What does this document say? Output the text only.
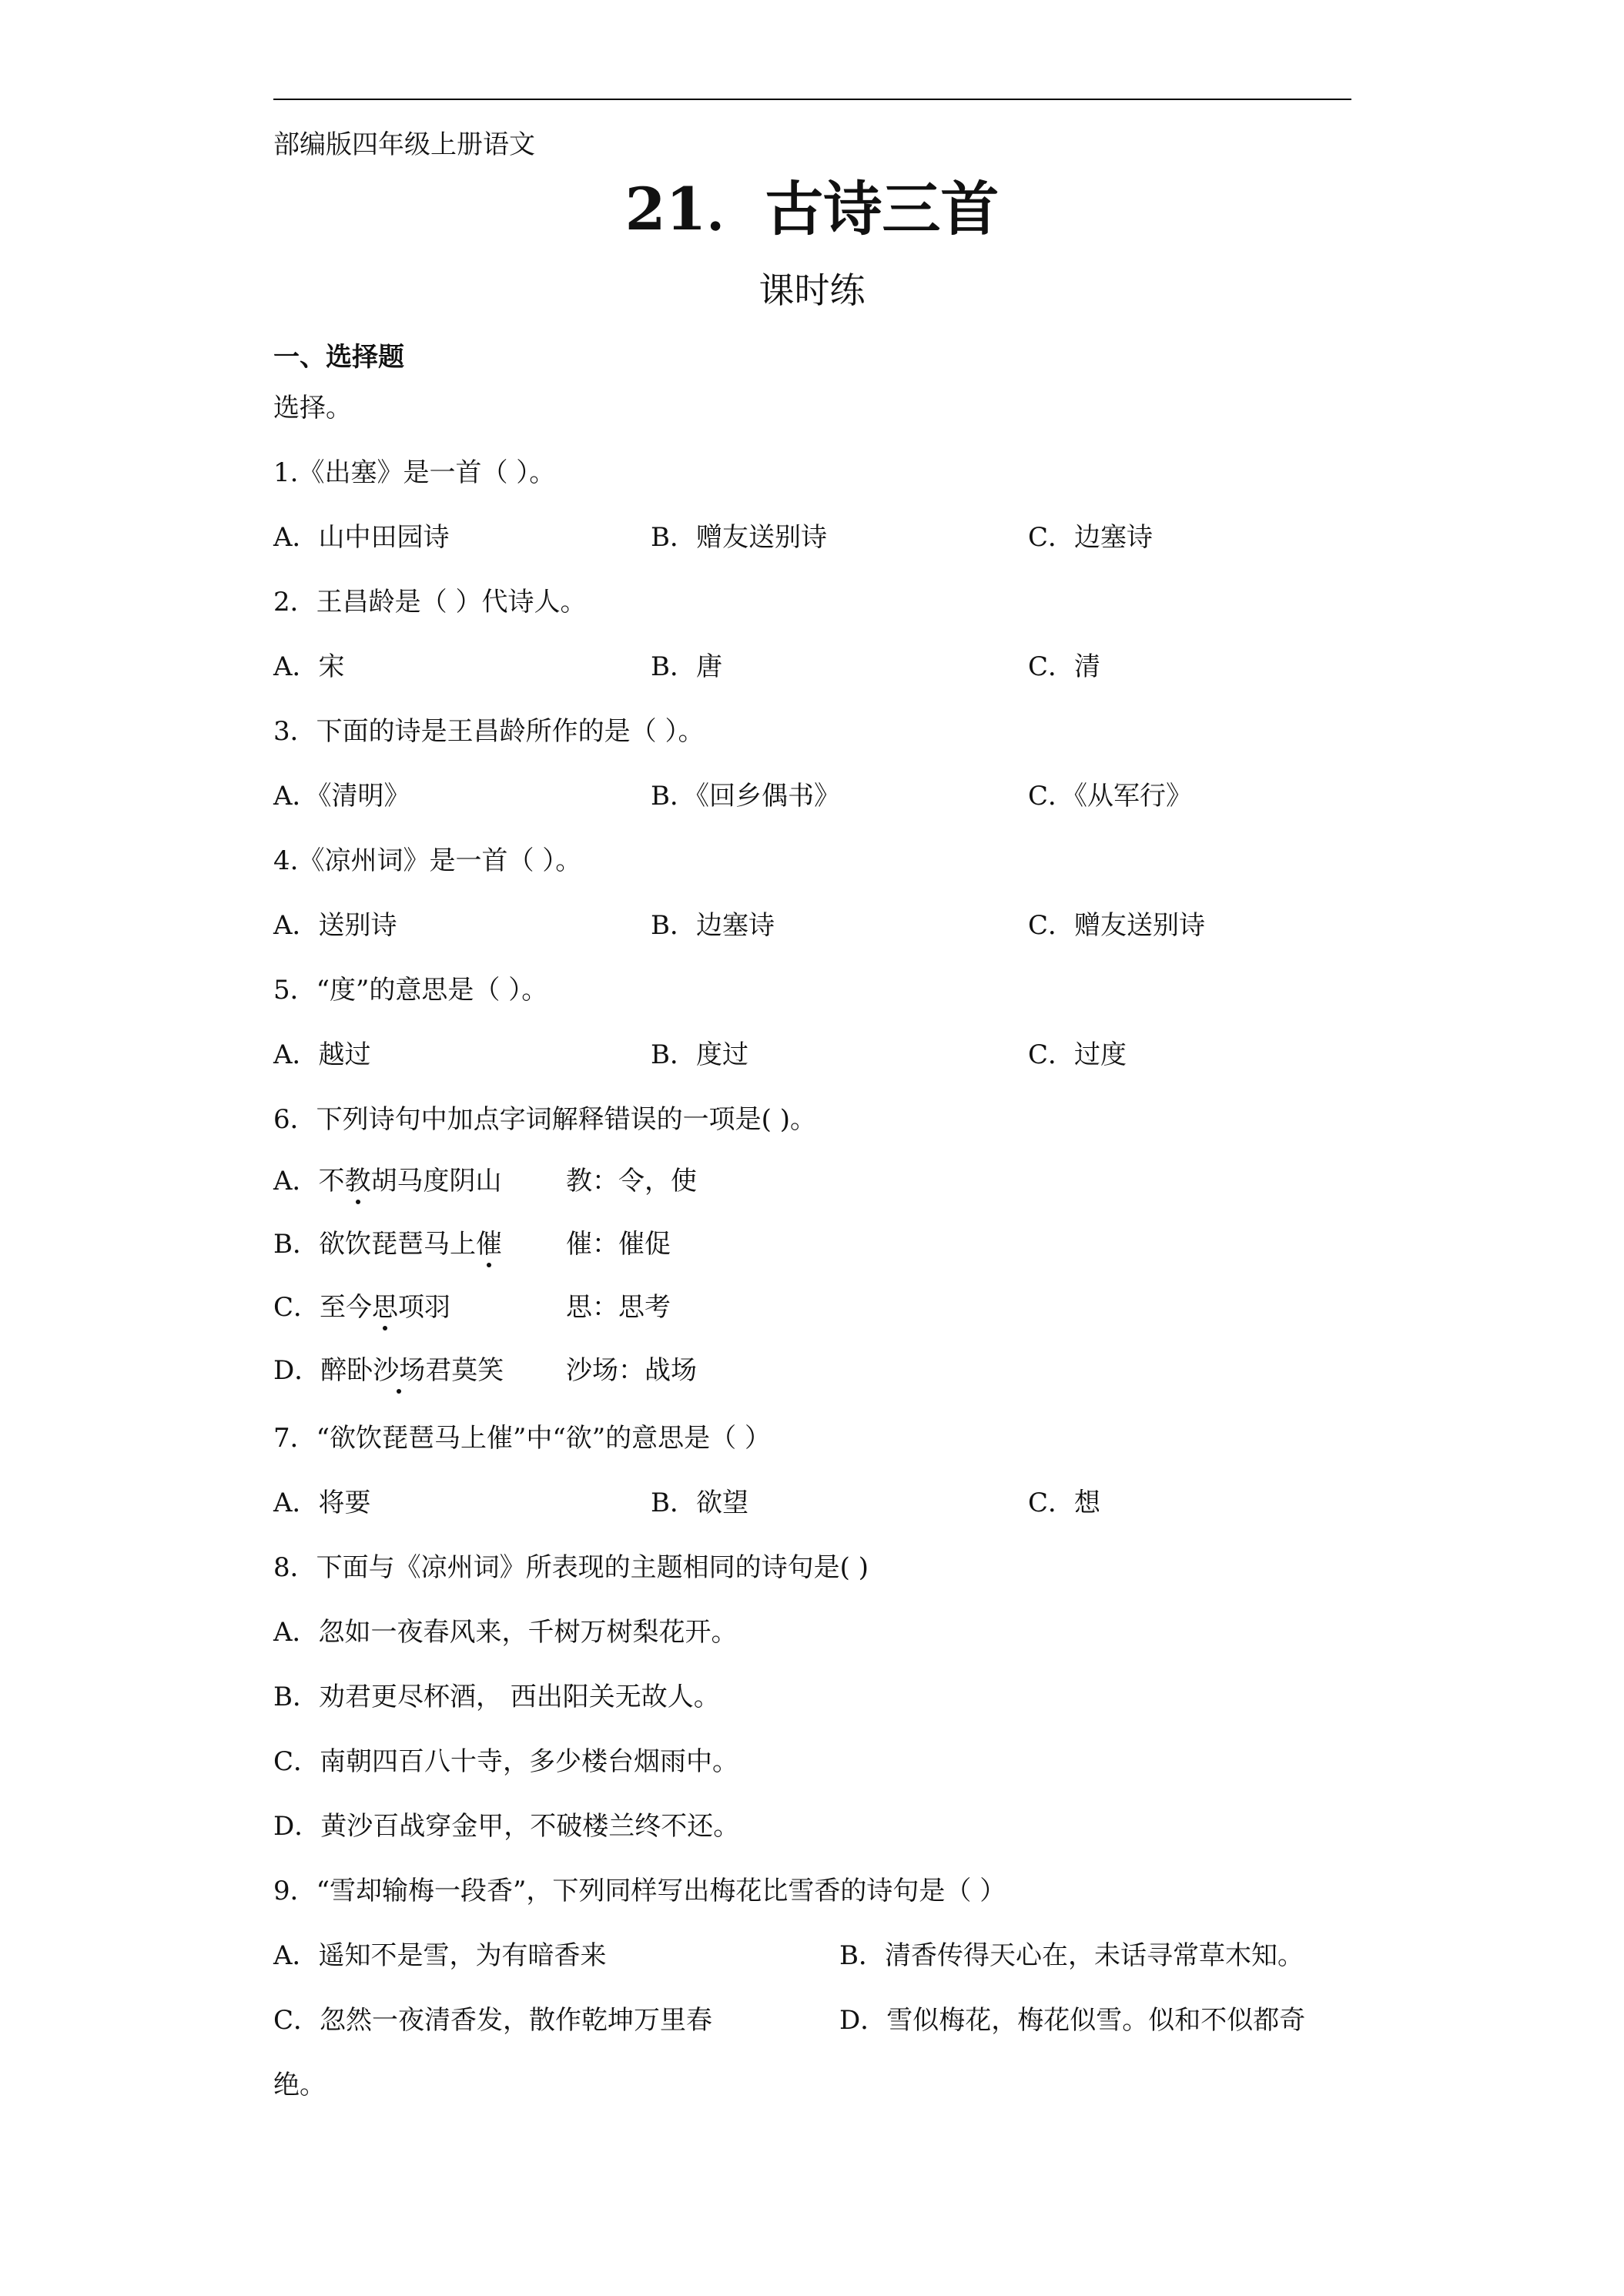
部编版四年级上册语文
21．古诗三首
课时练
一、选择题
选择。
1.《出塞》是一首（ ）。
A．山中田园诗	B．赠友送别诗	C．边塞诗
2．王昌龄是（ ）代诗人。
A．宋	B．唐	C．清
3．下面的诗是王昌龄所作的是（ ）。
A．《清明》	B．《回乡偶书》	C．《从军行》
4.《凉州词》是一首（ ）。
A．送别诗	B．边塞诗	C．赠友送别诗
5．“度”的意思是（ ）。
A．越过	B．度过	C．过度
6．下列诗句中加点字词解释错误的一项是( )。
A．不教胡马度阴山 教：令，使
B．欲饮琵琶马上催 催：催促
C．至今思项羽	思：思考
D．醉卧沙场君莫笑 沙场：战场
7．“欲饮琵琶马上催”中“欲”的意思是（ ）
A．将要	B．欲望	C．想
8．下面与《凉州词》所表现的主题相同的诗句是( )
A．忽如一夜春风来，千树万树梨花开。
B．劝君更尽杯酒， 西出阳关无故人。
C．南朝四百八十寺，多少楼台烟雨中。
D．黄沙百战穿金甲，不破楼兰终不还。
9．“雪却输梅一段香”，下列同样写出梅花比雪香的诗句是（ ）
A．遥知不是雪，为有暗香来	B．清香传得天心在，未话寻常草木知。
C．忽然一夜清香发，散作乾坤万里春	D．雪似梅花，梅花似雪。似和不似都奇
绝。
